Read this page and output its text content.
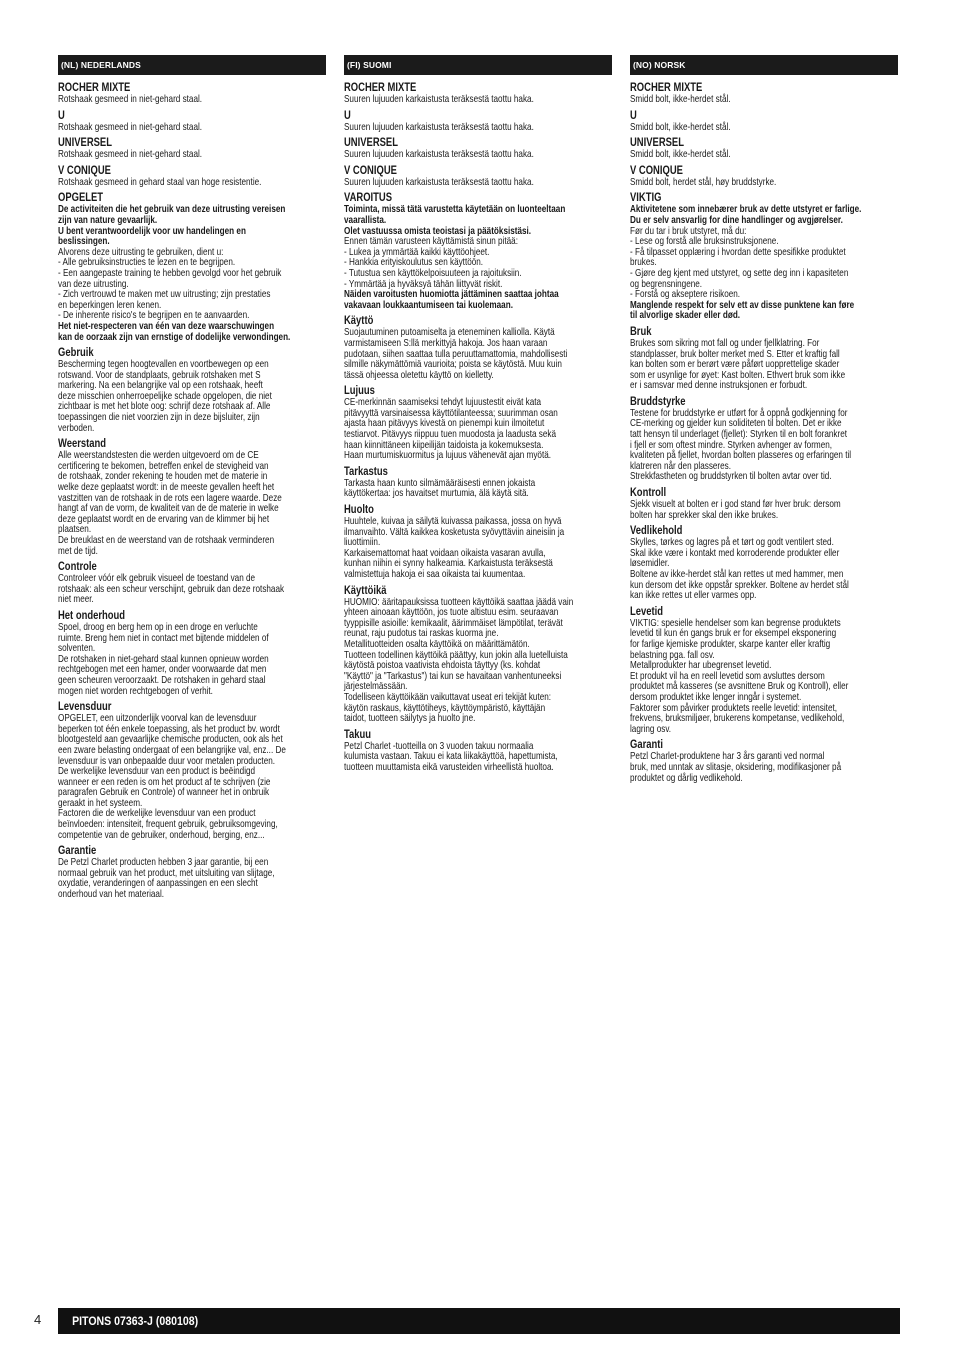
(NL) NEDERLANDS
ROCHER MIXTE
Rotshaak gesmeed in niet-gehard staal.
U
Rotshaak gesmeed in niet-gehard staal.
UNIVERSEL
Rotshaak gesmeed in niet-gehard staal.
V CONIQUE
Rotshaak gesmeed in gehard staal van hoge resistentie.
OPGELET
De activiteiten die het gebruik van deze uitrusting vereisen
zijn van nature gevaarlijk.
U bent verantwoordelijk voor uw handelingen en
beslissingen.
Alvorens deze uitrusting te gebruiken, dient u:
- Alle gebruiksinstructies te lezen en te begrijpen.
- Een aangepaste training te hebben gevolgd voor het gebruik
van deze uitrusting.
- Zich vertrouwd te maken met uw uitrusting; zijn prestaties
en beperkingen leren kenen.
- De inherente risico's te begrijpen en te aanvaarden.
Het niet-respecteren van één van deze waarschuwingen
kan de oorzaak zijn van ernstige of dodelijke verwondingen.
Gebruik
Bescherming tegen hoogtevallen en voortbewegen op een
rotswand. Voor de standplaats, gebruik rotshaken met S
markering. Na een belangrijke val op een rotshaak, heeft
deze misschien onherroepelijke schade opgelopen, die niet
zichtbaar is met het blote oog: schrijf deze rotshaak af. Alle
toepassingen die niet voorzien zijn in deze bijsluiter, zijn
verboden.
Weerstand
Alle weerstandstesten die werden uitgevoerd om de CE
certificering te bekomen, betreffen enkel de stevigheid van
de rotshaak, zonder rekening te houden met de materie in
welke deze geplaatst wordt: in de meeste gevallen heeft het
vastzitten van de rotshaak in de rots een lagere waarde. Deze
hangt af van de vorm, de kwaliteit van de de materie in welke
deze geplaatst wordt en de ervaring van de klimmer bij het
plaatsen.
De breuklast en de weerstand van de rotshaak verminderen
met de tijd.
Controle
Controleer vóór elk gebruik visueel de toestand van de
rotshaak: als een scheur verschijnt, gebruik dan deze rotshaak
niet meer.
Het onderhoud
Spoel, droog en berg hem op in een droge en verluchte
ruimte. Breng hem niet in contact met bijtende middelen of
solventen.
De rotshaken in niet-gehard staal kunnen opnieuw worden
rechtgebogen met een hamer, onder voorwaarde dat men
geen scheuren veroorzaakt. De rotshaken in gehard staal
mogen niet worden rechtgebogen of verhit.
Levensduur
OPGELET, een uitzonderlijk voorval kan de levensduur
beperken tot één enkele toepassing, als het product bv. wordt
blootgesteld aan gevaarlijke chemische producten, ook als het
een zware belasting ondergaat of een belangrijke val, enz... De
levensduur is van onbepaalde duur voor metalen producten.
De werkelijke levensduur van een product is beëindigd
wanneer er een reden is om het product af te schrijven (zie
paragrafen Gebruik en Controle) of wanneer het in onbruik
geraakt in het systeem.
Factoren die de werkelijke levensduur van een product
beïnvloeden: intensiteit, frequent gebruik, gebruiksomgeving,
competentie van de gebruiker, onderhoud, berging, enz...
Garantie
De Petzl Charlet producten hebben 3 jaar garantie, bij een
normaal gebruik van het product, met uitsluiting van slijtage,
oxydatie, veranderingen of aanpassingen en een slecht
onderhoud van het materiaal.
(FI) SUOMI
ROCHER MIXTE
Suuren lujuuden karkaistusta teräksestä taottu haka.
U
Suuren lujuuden karkaistusta teräksestä taottu haka.
UNIVERSEL
Suuren lujuuden karkaistusta teräksestä taottu haka.
V CONIQUE
Suuren lujuuden karkaistusta teräksestä taottu haka.
VAROITUS
Toiminta, missä tätä varustetta käytetään on luonteeltaan
vaarallista.
Olet vastuussa omista teoistasi ja päätöksistäsi.
Ennen tämän varusteen käyttämistä sinun pitää:
- Lukea ja ymmärtää kaikki käyttöohjeet.
- Hankkia erityiskoulutus sen käyttöön.
- Tutustua sen käyttökelpoisuuteen ja rajoituksiin.
- Ymmärtää ja hyväksyä tähän liittyvät riskit.
Näiden varoitusten huomiotta jättäminen saattaa johtaa
vakavaan loukkaantumiseen tai kuolemaan.
Käyttö
Suojautuminen putoamiselta ja eteneminen kalliolla. Käytä
varmistamiseen S:llä merkittyjä hakoja. Jos haan varaan
pudotaan, siihen saattaa tulla peruuttamattomia, mahdollisesti
silmille näkymättömiä vaurioita; poista se käytöstä. Muu kuin
tässä ohjeessa oletettu käyttö on kielletty.
Lujuus
CE-merkinnän saamiseksi tehdyt lujuustestit eivät kata
pitävyyttä varsinaisessa käyttötilanteessa; suurimman osan
ajasta haan pitävyys kivestä on pienempi kuin ilmoitetut
testiarvot. Pitävyys riippuu tuen muodosta ja laadusta sekä
haan kiinnittäneen kiipeilijän taidoista ja kokemuksesta.
Haan murtumiskuormitus ja lujuus vähenevät ajan myötä.
Tarkastus
Tarkasta haan kunto silmämääräisesti ennen jokaista
käyttökertaa: jos havaitset murtumia, älä käytä sitä.
Huolto
Huuhtele, kuivaa ja säilytä kuivassa paikassa, jossa on hyvä
ilmanvaihto. Vältä kaikkea kosketusta syövyttäviin aineisiin ja
liuottimiin.
Karkaisemattomat haat voidaan oikaista vasaran avulla,
kunhan niihin ei synny halkeamia. Karkaistusta teräksestä
valmistettuja hakoja ei saa oikaista tai kuumentaa.
Käyttöikä
HUOMIO: ääritapauksissa tuotteen käyttöikä saattaa jäädä vain
yhteen ainoaan käyttöön, jos tuote altistuu esim. seuraavan
tyyppisille asioille: kemikaalit, äärimmäiset lämpötilat, terävät
reunat, raju pudotus tai raskas kuorma jne.
Metallituotteiden osalta käyttöikä on määrittämätön.
Tuotteen todellinen käyttöikä päättyy, kun jokin alla luetelluista
käytöstä poistoa vaativista ehdoista täyttyy (ks. kohdat
"Käyttö" ja "Tarkastus") tai kun se havaitaan vanhentuneeksi
järjestelmässään.
Todelliseen käyttöikään vaikuttavat useat eri tekijät kuten:
käytön raskaus, käyttötiheys, käyttöympäristö, käyttäjän
taidot, tuotteen säilytys ja huolto jne.
Takuu
Petzl Charlet -tuotteilla on 3 vuoden takuu normaalia
kulumista vastaan. Takuu ei kata liikakäyttöä, hapettumista,
tuotteen muuttamista eikä varusteiden virheellistä huoltoa.
(NO) NORSK
ROCHER MIXTE
Smidd bolt, ikke-herdet stål.
U
Smidd bolt, ikke-herdet stål.
UNIVERSEL
Smidd bolt, ikke-herdet stål.
V CONIQUE
Smidd bolt, herdet stål, høy bruddstyrke.
VIKTIG
Aktivitetene som innebærer bruk av dette utstyret er farlige.
Du er selv ansvarlig for dine handlinger og avgjørelser.
Før du tar i bruk utstyret, må du:
- Lese og forstå alle bruksinstruksjonene.
- Få tilpasset opplæring i hvordan dette spesifikke produktet
brukes.
- Gjøre deg kjent med utstyret, og sette deg inn i kapasiteten
og begrensningene.
- Forstå og akseptere risikoen.
Manglende respekt for selv ett av disse punktene kan føre
til alvorlige skader eller død.
Bruk
Brukes som sikring mot fall og under fjellklatring. For
standplasser, bruk bolter merket med S. Etter et kraftig fall
kan bolten som er berørt være påført uopprettelige skader
som er usynlige for øyet: Kast bolten. Ethvert bruk som ikke
er i samsvar med denne instruksjonen er forbudt.
Bruddstyrke
Testene for bruddstyrke er utført for å oppnå godkjenning for
CE-merking og gjelder kun soliditeten til bolten. Det er ikke
tatt hensyn til underlaget (fjellet): Styrken til en bolt forankret
i fjell er som oftest mindre. Styrken avhenger av formen,
kvaliteten på fjellet, hvordan bolten plasseres og erfaringen til
klatreren når den plasseres.
Strekkfastheten og bruddstyrken til bolten avtar over tid.
Kontroll
Sjekk visuelt at bolten er i god stand før hver bruk: dersom
bolten har sprekker skal den ikke brukes.
Vedlikehold
Skylles, tørkes og lagres på et tørt og godt ventilert sted.
Skal ikke være i kontakt med korroderende produkter eller
løsemidler.
Boltene av ikke-herdet stål kan rettes ut med hammer, men
kun dersom det ikke oppstår sprekker. Boltene av herdet stål
kan ikke rettes ut eller varmes opp.
Levetid
VIKTIG: spesielle hendelser som kan begrense produktets
levetid til kun én gangs bruk er for eksempel eksponering
for farlige kjemiske produkter, skarpe kanter eller kraftig
belastning pga. fall osv.
Metallprodukter har ubegrenset levetid.
Et produkt vil ha en reell levetid som avsluttes dersom
produktet må kasseres (se avsnittene Bruk og Kontroll), eller
dersom produktet ikke lenger inngår i systemet.
Faktorer som påvirker produktets reelle levetid: intensitet,
frekvens, bruksmiljøer, brukerens kompetanse, vedlikehold,
lagring osv.
Garanti
Petzl Charlet-produktene har 3 års garanti ved normal
bruk, med unntak av slitasje, oksidering, modifikasjoner på
produktet og dårlig vedlikehold.
4	PITONS 07363-J (080108)
